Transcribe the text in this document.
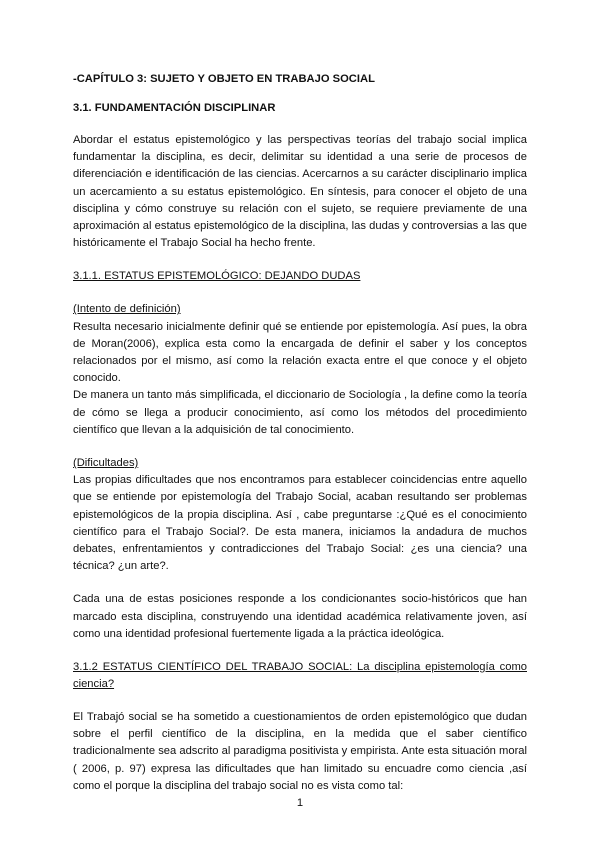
-CAPÍTULO 3: SUJETO Y OBJETO EN TRABAJO SOCIAL
3.1. FUNDAMENTACIÓN DISCIPLINAR

Abordar el estatus epistemológico y las perspectivas teorías del trabajo social implica fundamentar la disciplina, es decir, delimitar su identidad a una serie de procesos de diferenciación e identificación de las ciencias. Acercarnos a su carácter disciplinario implica un acercamiento a su estatus epistemológico. En síntesis, para conocer el objeto de una disciplina y cómo construye su relación con el sujeto, se requiere previamente de una aproximación al estatus epistemológico de la disciplina, las dudas y controversias a las que históricamente el Trabajo Social ha hecho frente.

3.1.1. ESTATUS EPISTEMOLÓGICO: DEJANDO DUDAS
(Intento de definición)

Resulta necesario inicialmente definir qué se entiende por epistemología. Así pues, la obra de Moran(2006), explica esta como la encargada de definir el saber y los conceptos relacionados por el mismo, así como la relación exacta entre el que conoce y el objeto conocido.

De manera un tanto más simplificada, el diccionario de Sociología , la define como la teoría de cómo se llega a producir conocimiento, así como los métodos del procedimiento científico que llevan a la adquisición de tal conocimiento.

(Dificultades)

Las propias dificultades que nos encontramos para establecer coincidencias entre aquello que se entiende por epistemología del Trabajo Social, acaban resultando ser problemas epistemológicos de la propia disciplina. Así , cabe preguntarse :¿Qué es el conocimiento científico para el Trabajo Social?. De esta manera, iniciamos la andadura de muchos debates, enfrentamientos y contradicciones del Trabajo Social: ¿es una ciencia? una técnica? ¿un arte?.

Cada una de estas posiciones responde a los condicionantes socio-históricos que han marcado esta disciplina, construyendo una identidad académica relativamente joven, así como una identidad profesional fuertemente ligada a la práctica ideológica.

3.1.2 ESTATUS CIENTÍFICO DEL TRABAJO SOCIAL: La disciplina epistemología como ciencia?

El Trabajó social se ha sometido a cuestionamientos de orden epistemológico que dudan sobre el perfil científico de la disciplina, en la medida que el saber científico tradicionalmente sea adscrito al paradigma positivista y empirista. Ante esta situación moral ( 2006, p. 97) expresa las dificultades que han limitado su encuadre como ciencia ,así como el porque la disciplina del trabajo social no es vista como tal:

1
